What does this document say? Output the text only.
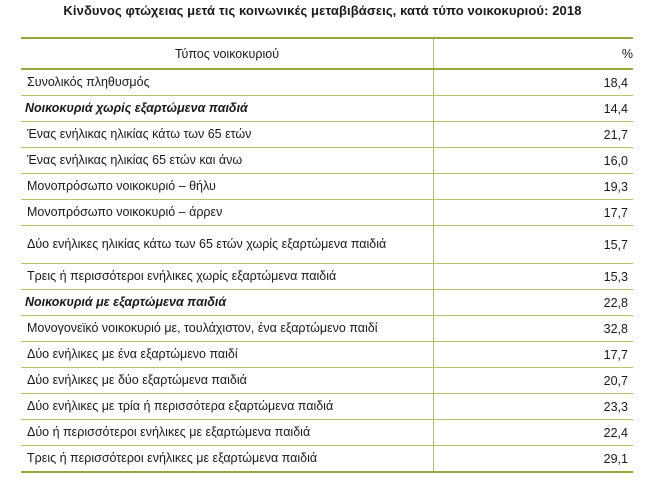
Κίνδυνος φτώχειας μετά τις κοινωνικές μεταβιβάσεις, κατά τύπο νοικοκυριού: 2018
Τύπος νοικοκυριού	%
Συνολικός πληθυσμός	18,4
Νοικοκυριά χωρίς εξαρτώμενα παιδιά	14,4
Ένας ενήλικας ηλικίας κάτω των 65 ετών	21,7
Ένας ενήλικας ηλικίας 65 ετών και άνω	16,0
Μονοπρόσωπο νοικοκυριό – θήλυ	19,3
Μονοπρόσωπο νοικοκυριό – άρρεν	17,7
Δύο ενήλικες ηλικίας κάτω των 65 ετών χωρίς εξαρτώμενα παιδιά	15,7
Τρεις ή περισσότεροι ενήλικες χωρίς εξαρτώμενα παιδιά	15,3
Νοικοκυριά με εξαρτώμενα παιδιά	22,8
Μονογονεϊκό νοικοκυριό με, τουλάχιστον, ένα εξαρτώμενο παιδί	32,8
Δύο ενήλικες με ένα εξαρτώμενο παιδί	17,7
Δύο ενήλικες με δύο εξαρτώμενα παιδιά	20,7
Δύο ενήλικες με τρία ή περισσότερα εξαρτώμενα παιδιά	23,3
Δύο ή περισσότεροι ενήλικες με εξαρτώμενα παιδιά	22,4
Τρεις ή περισσότεροι ενήλικες με εξαρτώμενα παιδιά	29,1
